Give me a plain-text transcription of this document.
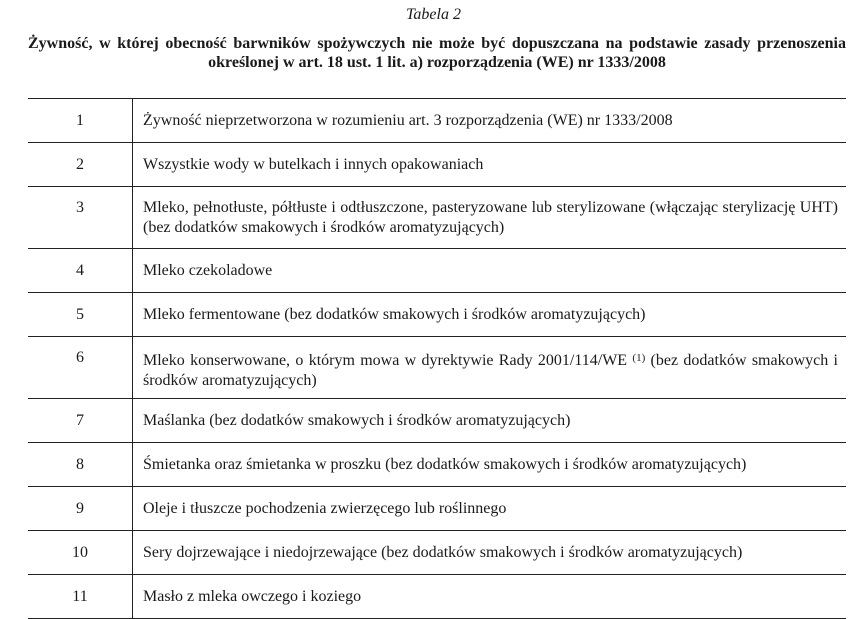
Tabela 2

Żywność, w której obecność barwników spożywczych nie może być dopuszczana na podstawie zasady przenoszenia określonej w art. 18 ust. 1 lit. a) rozporządzenia (WE) nr 1333/2008

1	Żywność nieprzetworzona w rozumieniu art. 3 rozporządzenia (WE) nr 1333/2008
2	Wszystkie wody w butelkach i innych opakowaniach
3	Mleko, pełnotłuste, półtłuste i odtłuszczone, pasteryzowane lub sterylizowane (włączając sterylizację UHT) (bez dodatków smakowych i środków aromatyzujących)
4	Mleko czekoladowe
5	Mleko fermentowane (bez dodatków smakowych i środków aromatyzujących)
6	Mleko konserwowane, o którym mowa w dyrektywie Rady 2001/114/WE $^{(1)}$ (bez dodatków smakowych i środków aromatyzujących)
7	Maślanka (bez dodatków smakowych i środków aromatyzujących)
8	Śmietanka oraz śmietanka w proszku (bez dodatków smakowych i środków aromatyzujących)
9	Oleje i tłuszcze pochodzenia zwierzęcego lub roślinnego
10	Sery dojrzewające i niedojrzewające (bez dodatków smakowych i środków aromatyzujących)
11	Masło z mleka owczego i koziego
